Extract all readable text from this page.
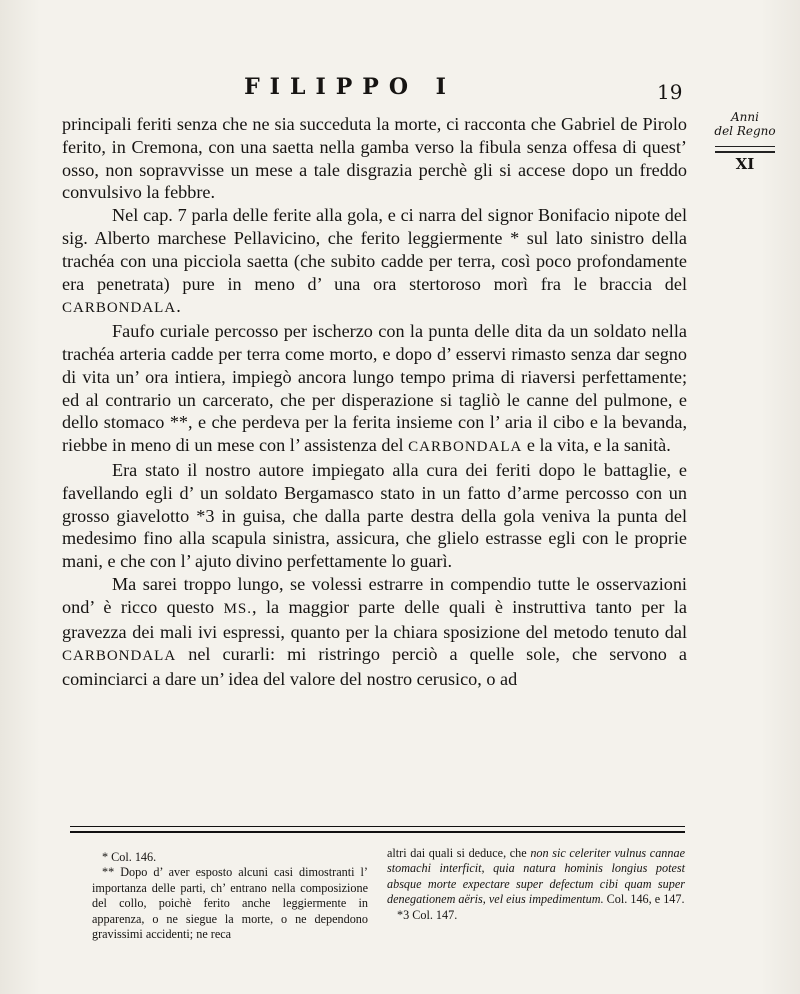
FILIPPO I	19
Anni
del Regno
XI

principali feriti senza che ne sia succeduta la morte, ci racconta che Gabriel de Pirolo ferito, in Cremona, con una saetta nella gamba verso la fibula senza offesa di quest’ osso, non sopravvisse un mese a tale disgrazia perchè gli si accese dopo un freddo convulsivo la febbre.

Nel cap. 7 parla delle ferite alla gola, e ci narra del signor Bonifacio nipote del sig. Alberto marchese Pellavicino, che ferito leggiermente * sul lato sinistro della trachéa con una picciola saetta (che subito cadde per terra, così poco profondamente era penetrata) pure in meno d’ una ora stertoroso morì fra le braccia del CARBONDALA.

Faufo curiale percosso per ischerzo con la punta delle dita da un soldato nella trachéa arteria cadde per terra come morto, e dopo d’ esservi rimasto senza dar segno di vita un’ ora intiera, impiegò ancora lungo tempo prima di riaversi perfettamente; ed al contrario un carcerato, che per disperazione si tagliò le canne del pulmone, e dello stomaco **, e che perdeva per la ferita insieme con l’ aria il cibo e la bevanda, riebbe in meno di un mese con l’ assistenza del CARBONDALA e la vita, e la sanità.

Era stato il nostro autore impiegato alla cura dei feriti dopo le battaglie, e favellando egli d’ un soldato Bergamasco stato in un fatto d’arme percosso con un grosso giavelotto *3 in guisa, che dalla parte destra della gola veniva la punta del medesimo fino alla scapula sinistra, assicura, che glielo estrasse egli con le proprie mani, e che con l’ ajuto divino perfettamente lo guarì.

Ma sarei troppo lungo, se volessi estrarre in compendio tutte le osservazioni ond’ è ricco questo MS., la maggior parte delle quali è instruttiva tanto per la gravezza dei mali ivi espressi, quanto per la chiara sposizione del metodo tenuto dal CARBONDALA nel curarli: mi ristringo perciò a quelle sole, che servono a cominciarci a dare un’ idea del valore del nostro cerusico, o ad

* Col. 146.

** Dopo d’ aver esposto alcuni casi dimostranti l’ importanza delle parti, ch’ entrano nella composizione del collo, poichè ferito anche leggiermente in apparenza, o ne siegue la morte, o ne dependono gravissimi accidenti; ne reca

altri dai quali si deduce, che non sic celeriter vulnus cannae stomachi interficit, quia natura hominis longius potest absque morte expectare super defectum cibi quam super denegationem aëris, vel eius impedimentum. Col. 146, e 147.

*3 Col. 147.
